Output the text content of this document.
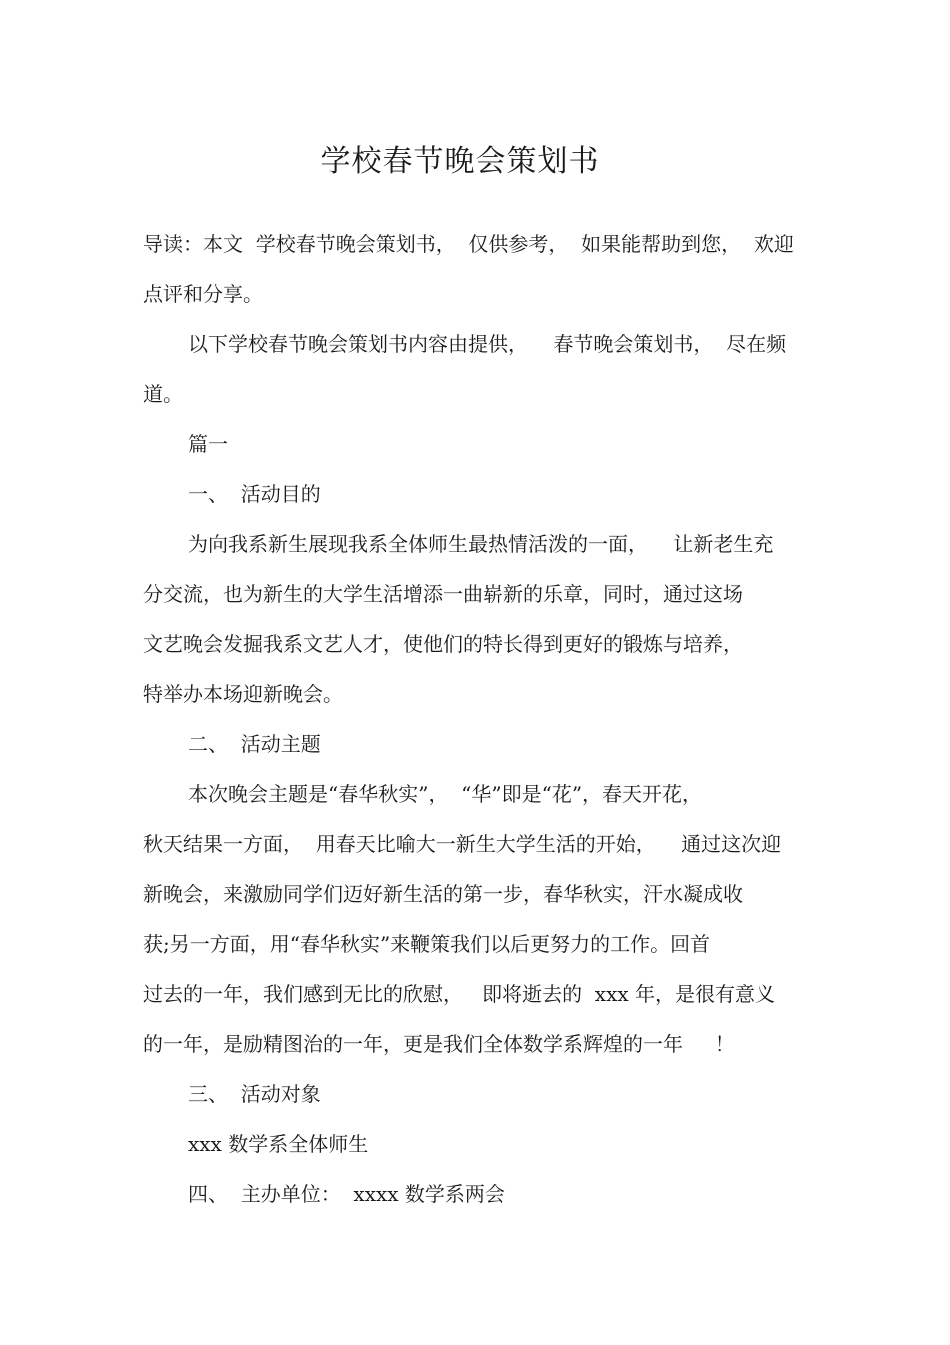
学校春节晚会策划书
导读：本文  学校春节晚会策划书，  仅供参考，  如果能帮助到您，  欢迎
点评和分享。
以下学校春节晚会策划书内容由提供，    春节晚会策划书，  尽在频
道。
篇一
一、  活动目的
为向我系新生展现我系全体师生最热情活泼的一面，    让新老生充
分交流，也为新生的大学生活增添一曲崭新的乐章，同时，通过这场
文艺晚会发掘我系文艺人才，使他们的特长得到更好的锻炼与培养，
特举办本场迎新晚会。
二、  活动主题
本次晚会主题是“春华秋实”，  “华”即是“花”，春天开花，
秋天结果一方面，  用春天比喻大一新生大学生活的开始，    通过这次迎
新晚会，来激励同学们迈好新生活的第一步，春华秋实，汗水凝成收
获;另一方面，用“春华秋实”来鞭策我们以后更努力的工作。回首
过去的一年，我们感到无比的欣慰，   即将逝去的  xxx 年，是很有意义
的一年，是励精图治的一年，更是我们全体数学系辉煌的一年     ！
三、  活动对象
xxx 数学系全体师生
四、  主办单位：  xxxx 数学系两会
